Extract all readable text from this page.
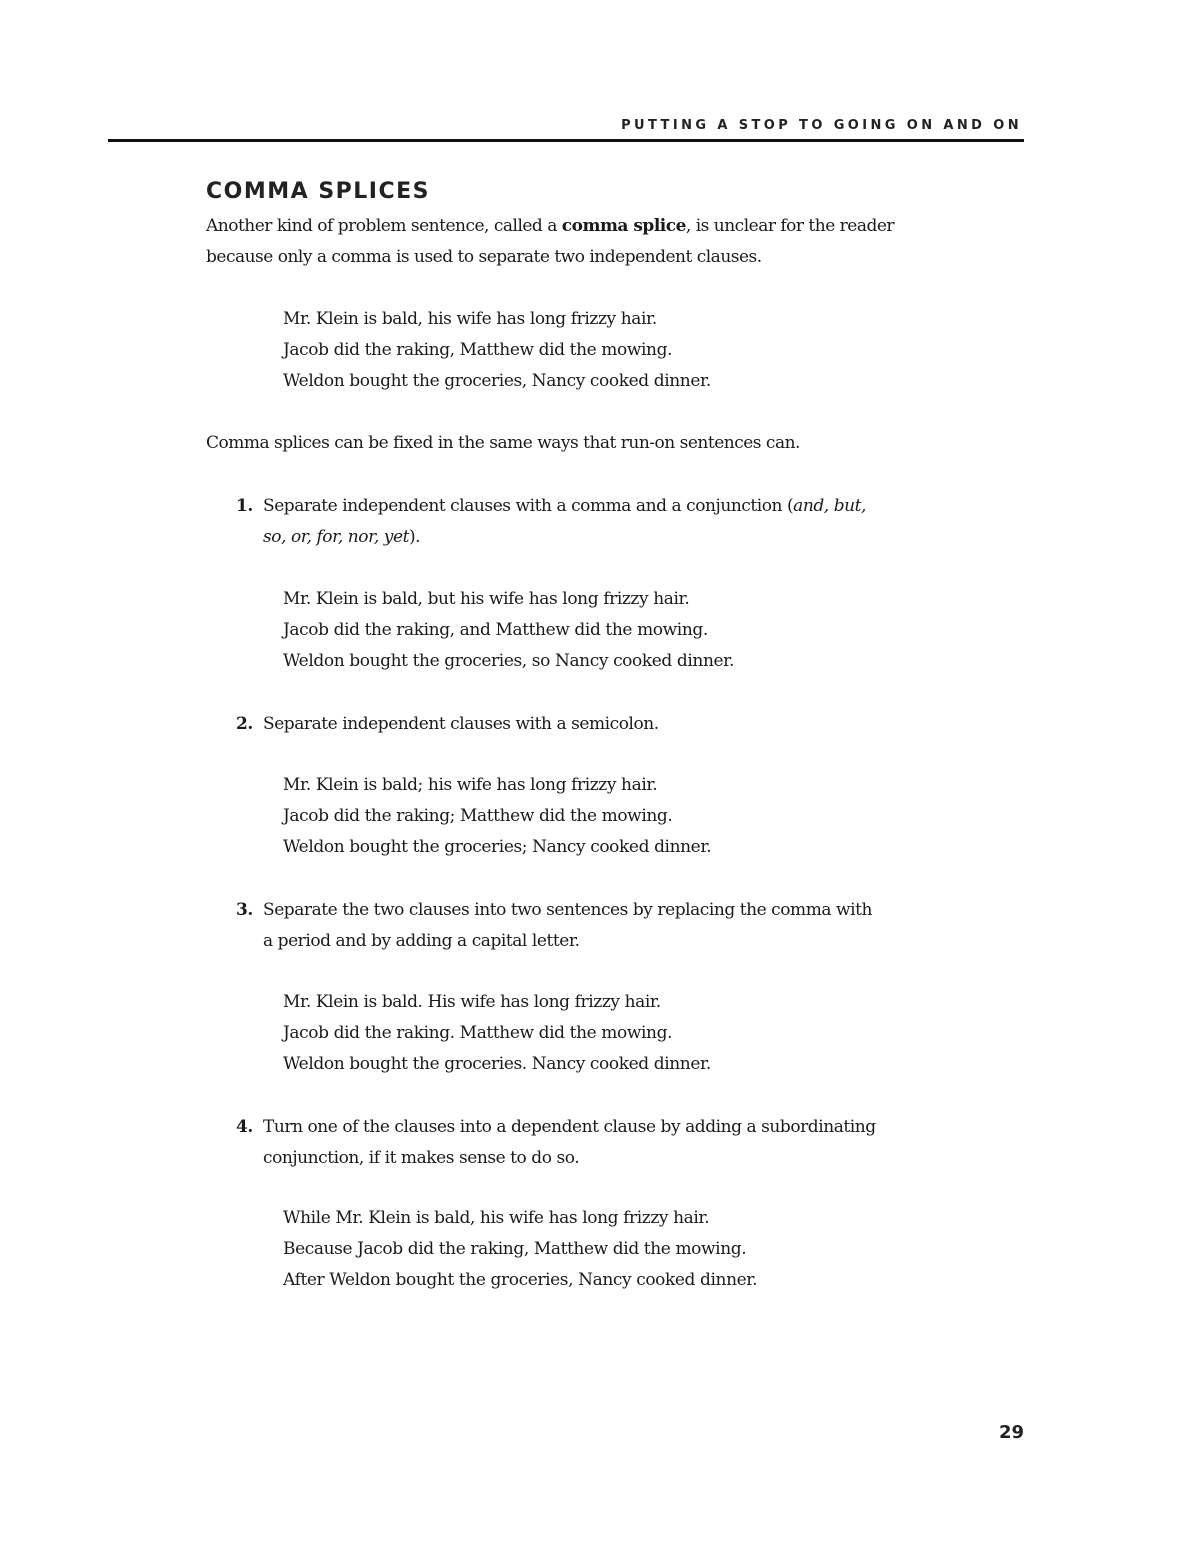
PUTTING A STOP TO GOING ON AND ON
COMMA SPLICES
Another kind of problem sentence, called a comma splice, is unclear for the reader
because only a comma is used to separate two independent clauses.
Mr. Klein is bald, his wife has long frizzy hair.
Jacob did the raking, Matthew did the mowing.
Weldon bought the groceries, Nancy cooked dinner.
Comma splices can be fixed in the same ways that run-on sentences can.
1. Separate independent clauses with a comma and a conjunction (and, but,
so, or, for, nor, yet).
Mr. Klein is bald, but his wife has long frizzy hair.
Jacob did the raking, and Matthew did the mowing.
Weldon bought the groceries, so Nancy cooked dinner.
2. Separate independent clauses with a semicolon.
Mr. Klein is bald; his wife has long frizzy hair.
Jacob did the raking; Matthew did the mowing.
Weldon bought the groceries; Nancy cooked dinner.
3. Separate the two clauses into two sentences by replacing the comma with
a period and by adding a capital letter.
Mr. Klein is bald. His wife has long frizzy hair.
Jacob did the raking. Matthew did the mowing.
Weldon bought the groceries. Nancy cooked dinner.
4. Turn one of the clauses into a dependent clause by adding a subordinating
conjunction, if it makes sense to do so.
While Mr. Klein is bald, his wife has long frizzy hair.
Because Jacob did the raking, Matthew did the mowing.
After Weldon bought the groceries, Nancy cooked dinner.
29
